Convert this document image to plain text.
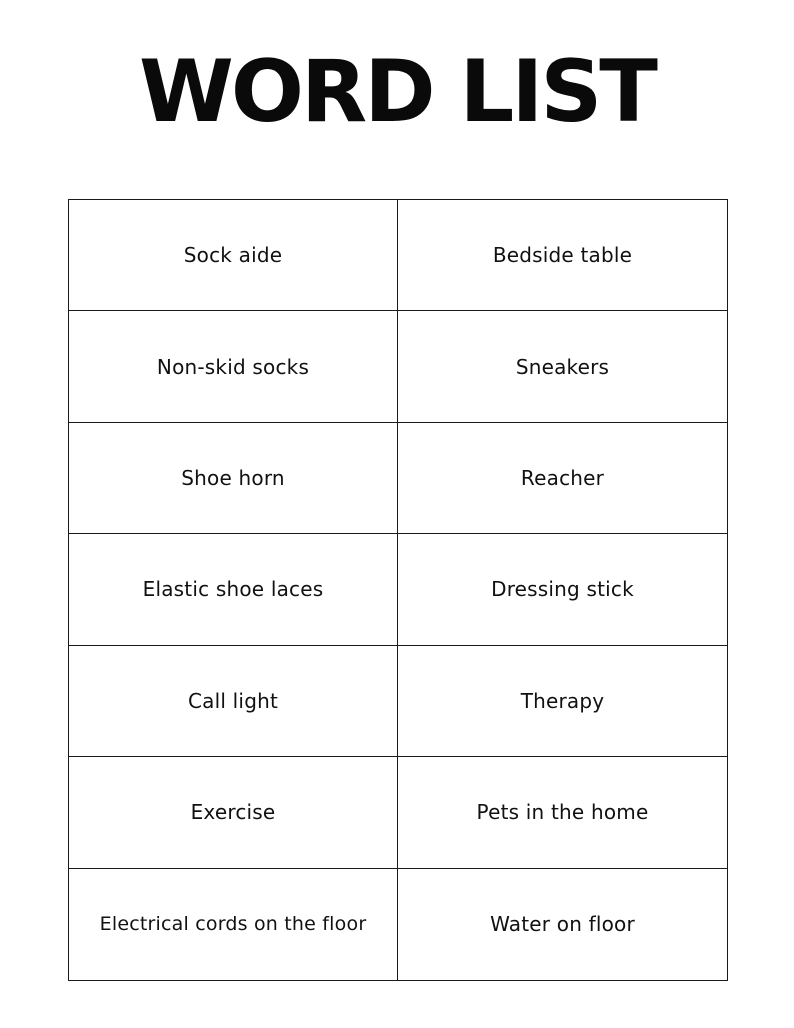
WORD LIST
Sock aide	Bedside table
Non-skid socks	Sneakers
Shoe horn	Reacher
Elastic shoe laces	Dressing stick
Call light	Therapy
Exercise	Pets in the home
Electrical cords on the floor	Water on floor
